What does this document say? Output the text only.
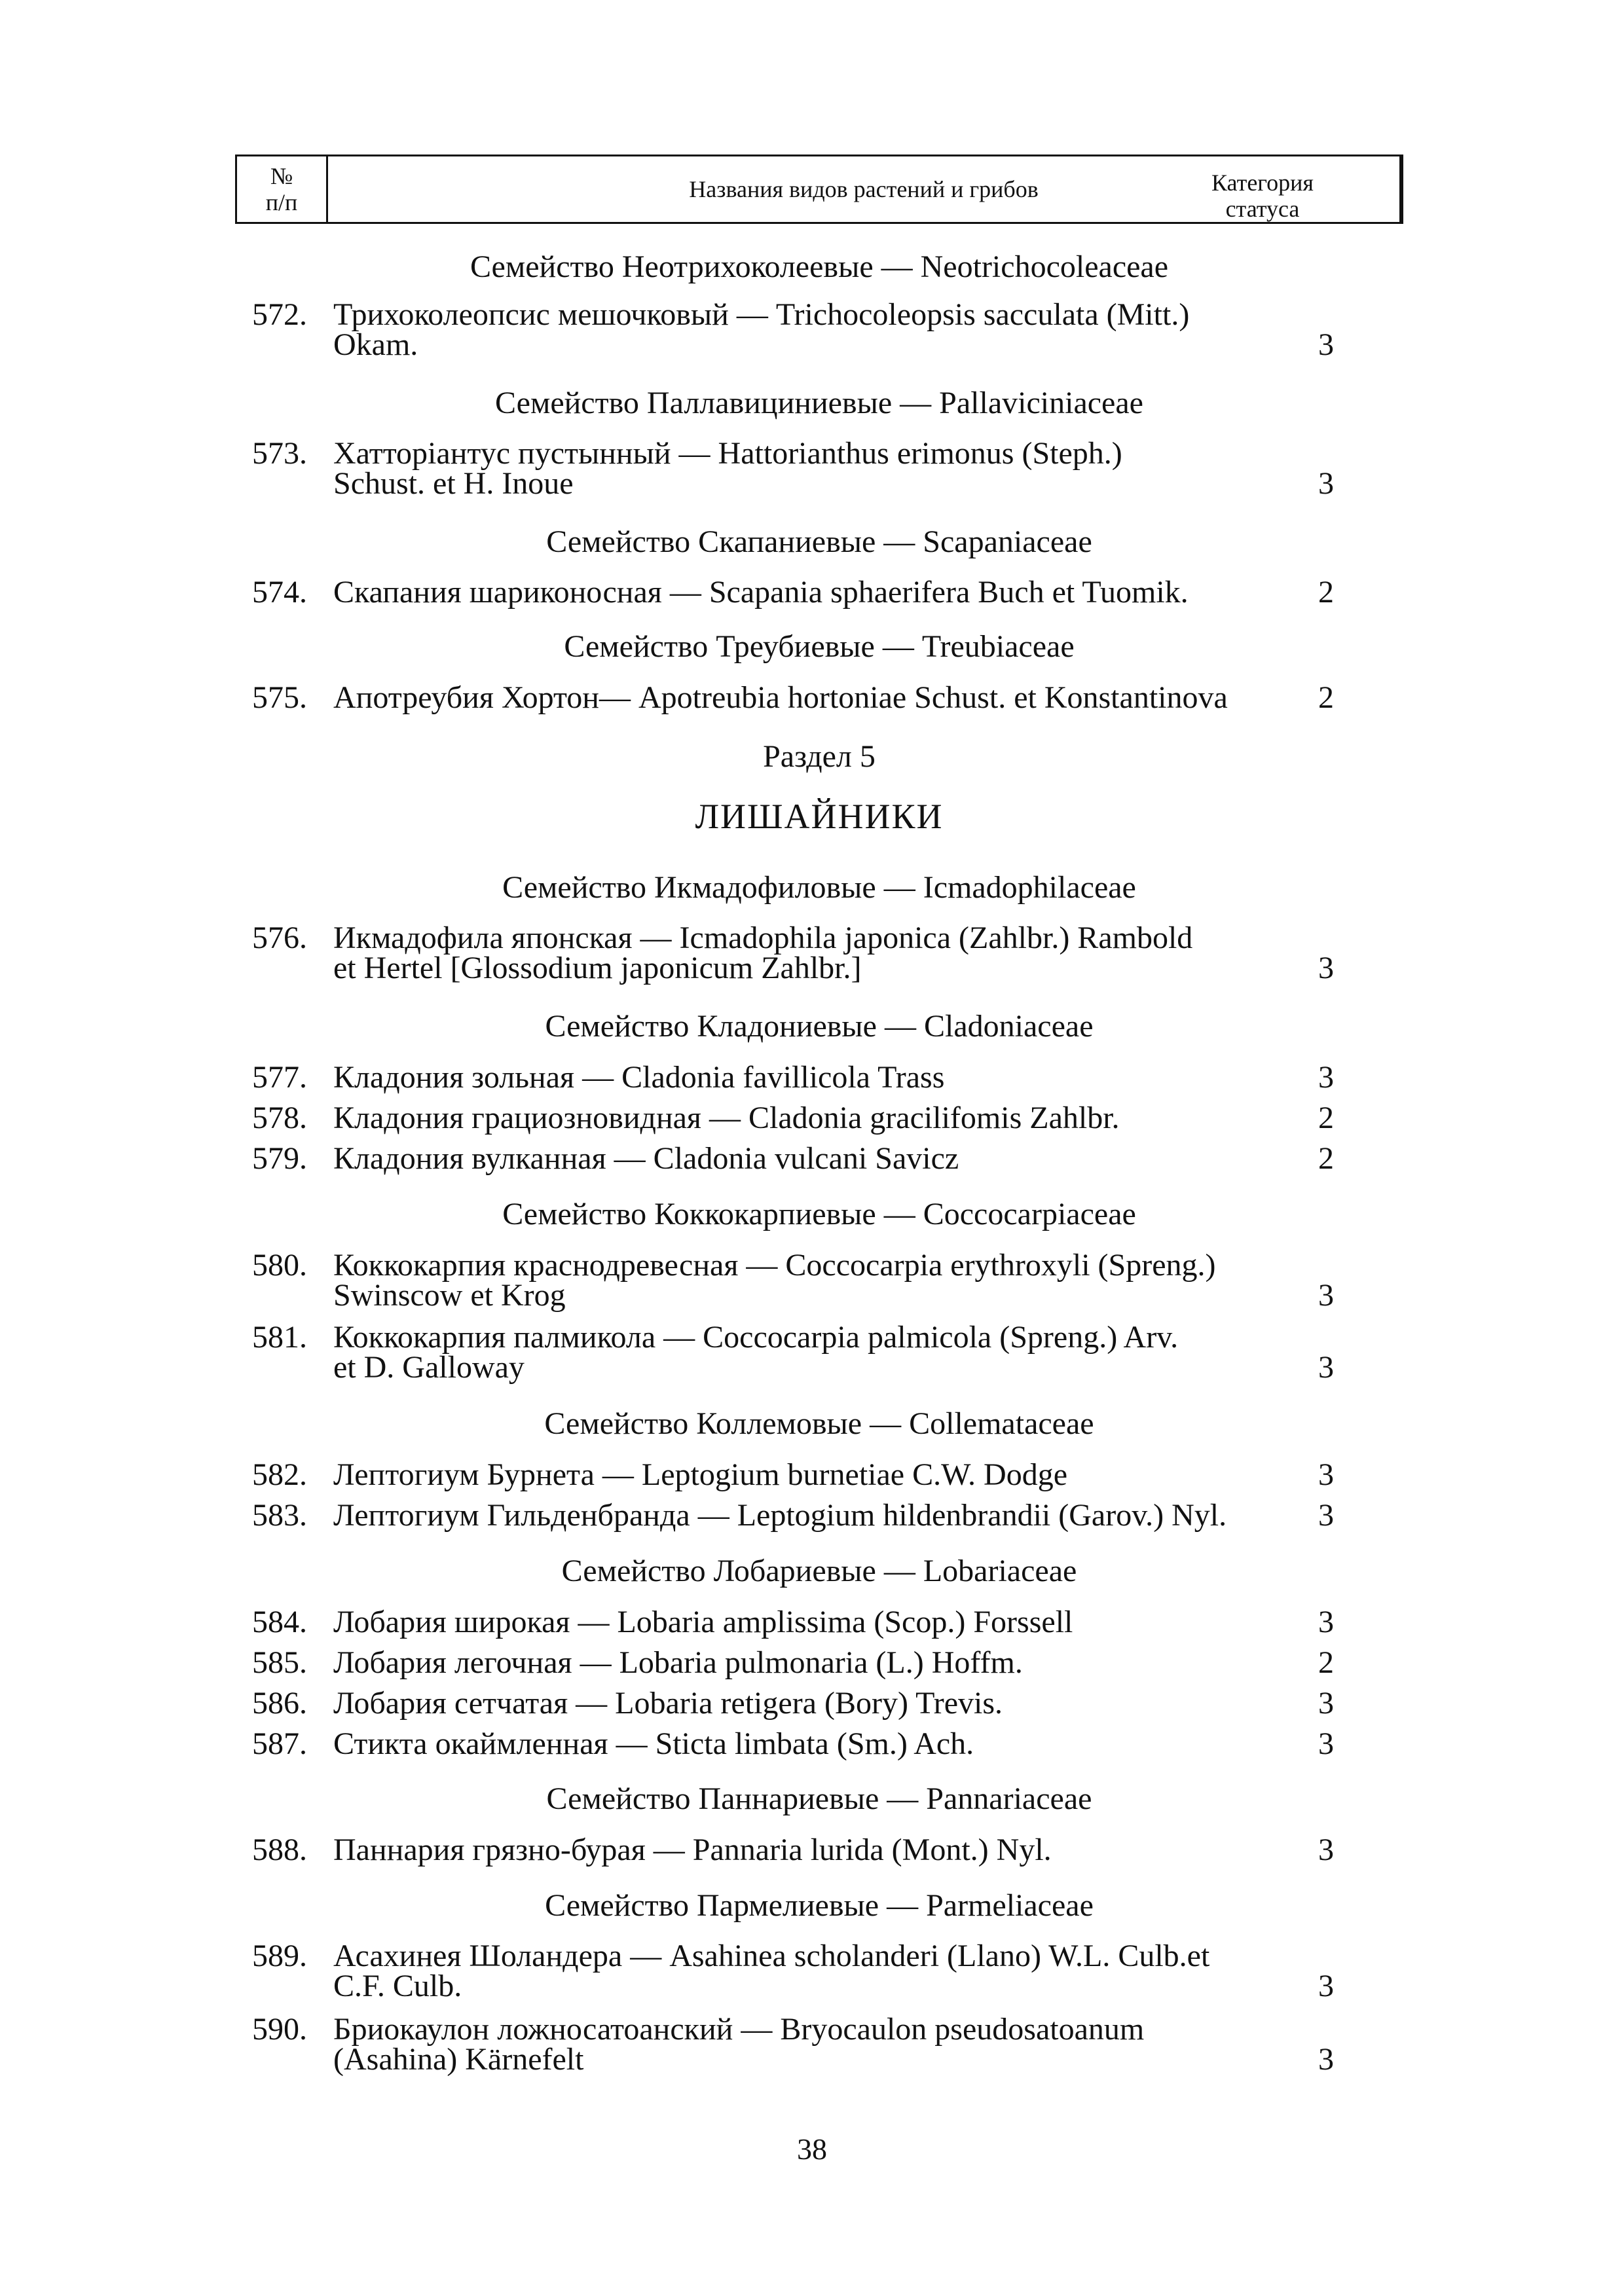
№
п/п	Названия видов растений и грибов	Категория
статуса
Семейство Неотрихоколеевые — Neotrichocoleaceae
572. Трихоколеопсис мешочковый — Trichocoleopsis sacculata (Mitt.)
Okam.	3
Семейство Паллавициниевые — Pallaviciniaceae
573. Хатторiантус пустынный — Hattorianthus erimonus (Steph.)
Schust. et H. Inoue	3
Семейство Скапаниевые — Scapaniaceae
574. Скапания шариконосная — Scapania sphaerifera Buch et Tuomik.	2
Семейство Треубиевые — Treubiaceae
575. Апотреубия Хортон— Apotreubia hortoniae Schust. et Konstantinova	2
Раздел 5
ЛИШАЙНИКИ
Семейство Икмадофиловые — Icmadophilaceae
576. Икмадофила японская — Icmadophila japonica (Zahlbr.) Rambold
et Hertel [Glossodium japonicum Zahlbr.]	3
Семейство Кладониевые — Cladoniaceae
577. Кладония зольная — Cladonia favillicola Trass	3
578. Кладония грациозновидная — Cladonia gracilifomis Zahlbr.	2
579. Кладония вулканная — Cladonia vulcani Savicz	2
Семейство Коккокарпиевые — Coccocarpiaceae
580. Коккокарпия краснодревесная — Coccocarpia erythroxyli (Spreng.)
Swinscow et Krog	3
581. Коккокарпия палмикола — Coccocarpia palmicola (Spreng.) Arv.
et D. Galloway	3
Семейство Коллемовые — Collemataceae
582. Лептогиум Бурнета — Leptogium burnetiae C.W. Dodge	3
583. Лептогиум Гильденбранда — Leptogium hildenbrandii (Garov.) Nyl.	3
Семейство Лобариевые — Lobariaceae
584. Лобария широкая — Lobaria amplissima (Scop.) Forssell	3
585. Лобария легочная — Lobaria pulmonaria (L.) Hoffm.	2
586. Лобария сетчатая — Lobaria retigera (Bory) Trevis.	3
587. Стикта окаймленная — Sticta limbata (Sm.) Ach.	3
Семейство Паннариевые — Pannariaceae
588. Паннария грязно-бурая — Pannaria lurida (Mont.) Nyl.	3
Семейство Пармелиевые — Parmeliaceae
589. Асахинея Шоландера — Asahinea scholanderi (Llano) W.L. Culb.et
C.F. Culb.	3
590. Бриокаулон ложносатоанский — Bryocaulon pseudosatoanum
(Asahina) Kärnefelt	3
38
